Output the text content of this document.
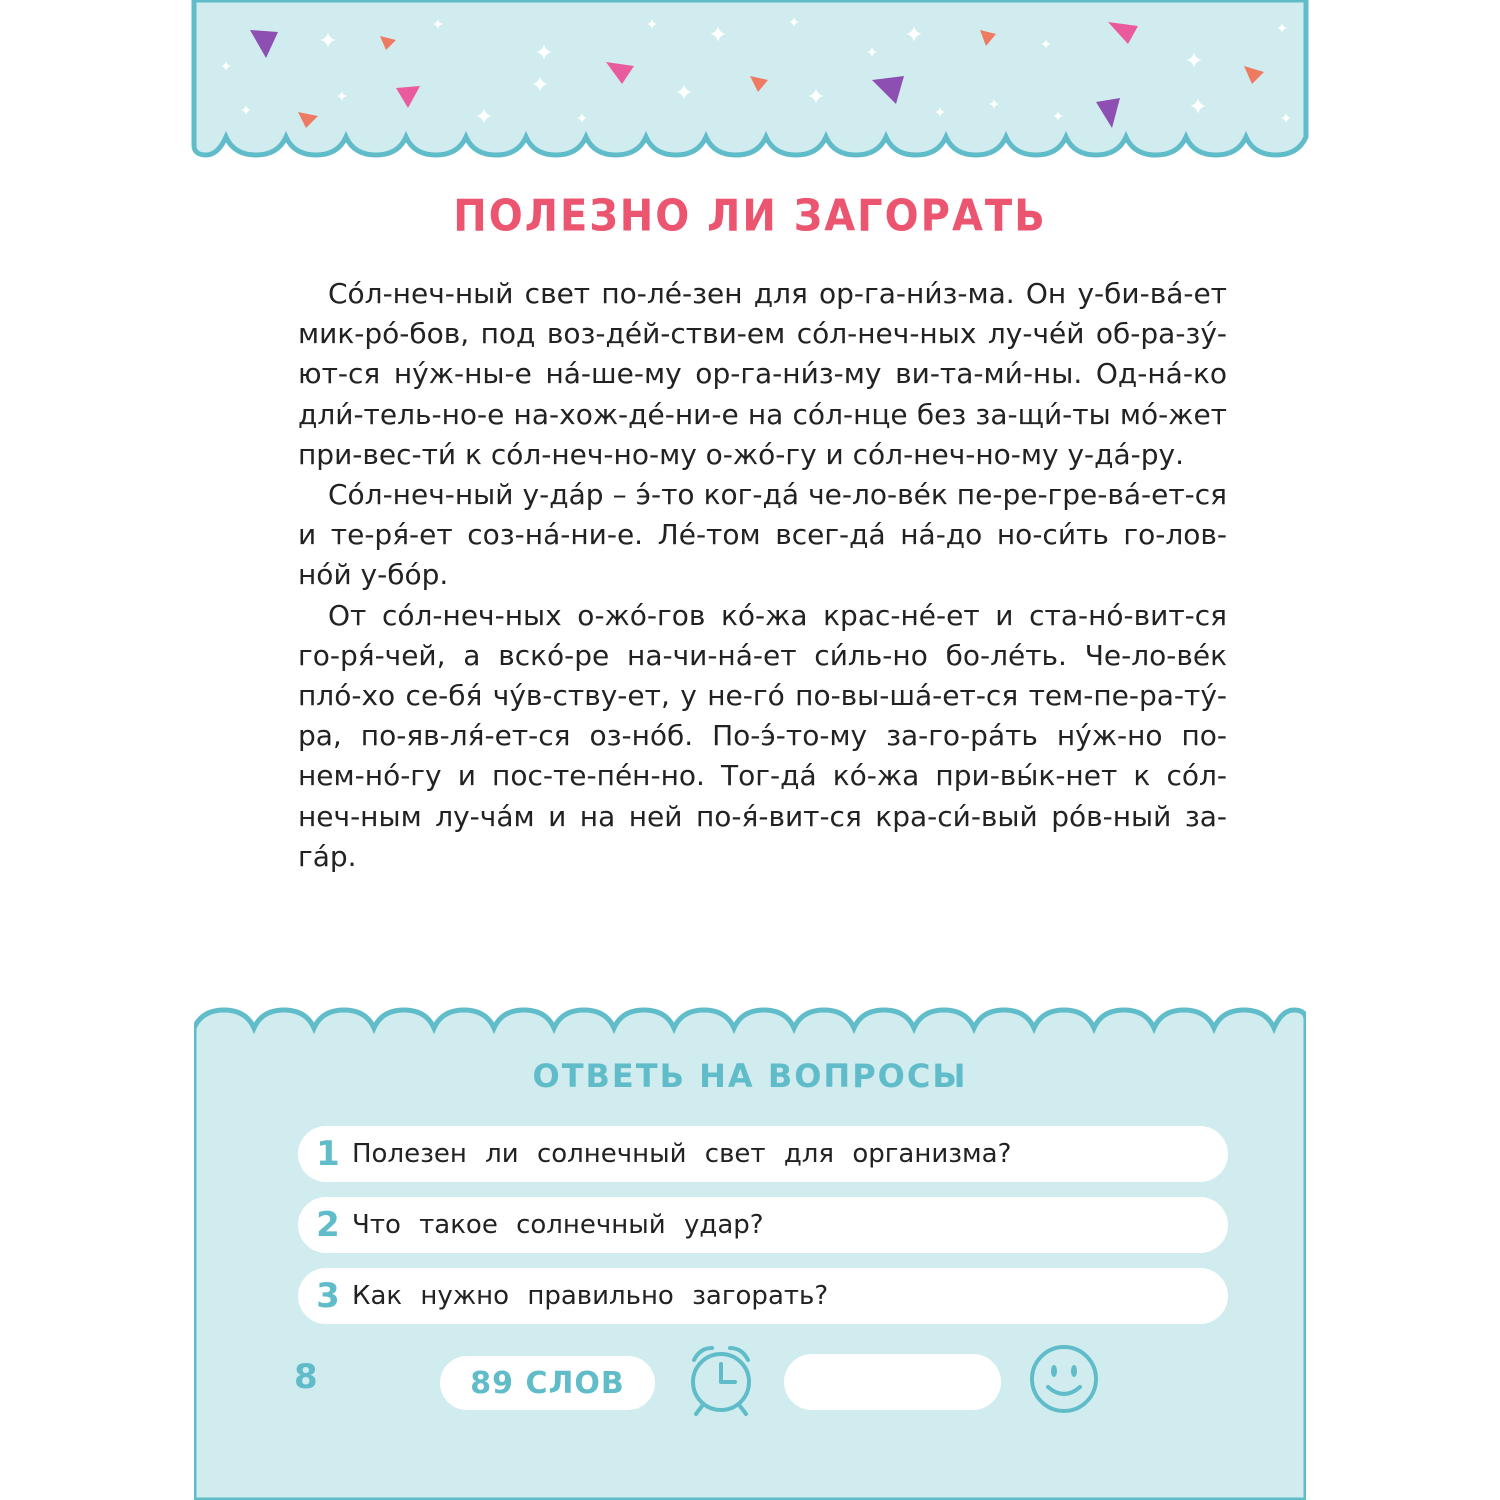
ПОЛЕЗНО ЛИ ЗАГОРАТЬ

Со́л-неч-ный свет по-ле́-зен для ор-га-ни́з-ма. Он у-би-ва́-ет мик-ро́-бов, под воз-де́й-стви-ем со́л-неч-ных лу-че́й об-ра-зу́-ют-ся ну́ж-ны-е на́-ше-му ор-га-ни́з-му ви-та-ми́-ны. Од-на́-ко дли́-тель-но-е на-хож-де́-ни-е на со́л-нце без за-щи́-ты мо́-жет при-вес-ти́ к со́л-неч-но-му о-жо́-гу и со́л-неч-но-му у-да́-ру.

Со́л-неч-ный у-да́р – э́-то ког-да́ че-ло-ве́к пе-ре-гре-ва́-ет-ся и те-ря́-ет соз-на́-ни-е. Ле́-том всег-да́ на́-до но-си́ть го-лов-но́й у-бо́р.

От со́л-неч-ных о-жо́-гов ко́-жа крас-не́-ет и ста-но́-вит-ся го-ря́-чей, а вско́-ре на-чи-на́-ет си́ль-но бо-ле́ть. Че-ло-ве́к пло́-хо се-бя́ чу́в-ству-ет, у не-го́ по-вы-ша́-ет-ся тем-пе-ра-ту́-ра, по-яв-ля́-ет-ся оз-но́б. По-э́-то-му за-го-ра́ть ну́ж-но по-нем-но́-гу и пос-те-пе́н-но. Тог-да́ ко́-жа при-вы́к-нет к со́л-неч-ным лу-ча́м и на ней по-я́-вит-ся кра-си́-вый ро́в-ный за-га́р.

ОТВЕТЬ НА ВОПРОСЫ
1 Полезен ли солнечный свет для организма?
2 Что такое солнечный удар?
3 Как нужно правильно загорать?
8	89 СЛОВ
